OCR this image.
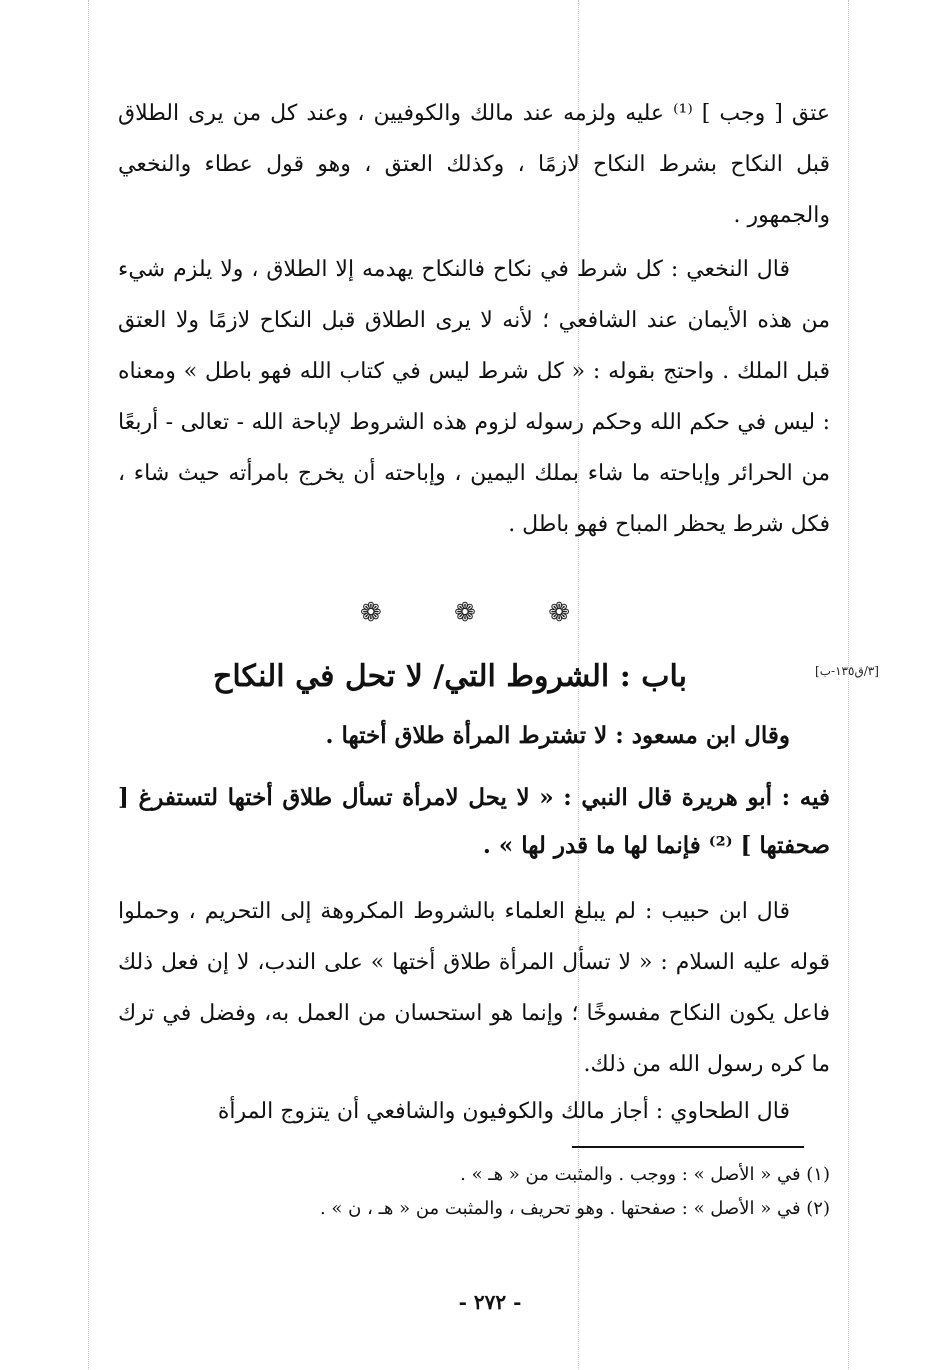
عتق [ وجب ] ⁽¹⁾ عليه ولزمه عند مالك والكوفيين ، وعند كل من يرى الطلاق قبل النكاح بشرط النكاح لازمًا ، وكذلك العتق ، وهو قول عطاء والنخعي والجمهور .

قال النخعي : كل شرط في نكاح فالنكاح يهدمه إلا الطلاق ، ولا يلزم شيء من هذه الأيمان عند الشافعي ؛ لأنه لا يرى الطلاق قبل النكاح لازمًا ولا العتق قبل الملك . واحتج بقوله : « كل شرط ليس في كتاب الله فهو باطل » ومعناه : ليس في حكم الله وحكم رسوله لزوم هذه الشروط لإباحة الله - تعالى - أربعًا من الحرائر وإباحته ما شاء بملك اليمين ، وإباحته أن يخرج بامرأته حيث شاء ، فكل شرط يحظر المباح فهو باطل .

❁	❁	❁
باب : الشروط التي/ لا تحل في النكاح	[٣/ق١٣٥-ب]

وقال ابن مسعود : لا تشترط المرأة طلاق أختها .

فيه : أبو هريرة قال النبي : « لا يحل لامرأة تسأل طلاق أختها لتستفرغ [ صحفتها ] ⁽²⁾ فإنما لها ما قدر لها » .

قال ابن حبيب : لم يبلغ العلماء بالشروط المكروهة إلى التحريم ، وحملوا قوله عليه السلام : « لا تسأل المرأة طلاق أختها » على الندب، لا إن فعل ذلك فاعل يكون النكاح مفسوخًا ؛ وإنما هو استحسان من العمل به، وفضل في ترك ما كره رسول الله من ذلك.

قال الطحاوي : أجاز مالك والكوفيون والشافعي أن يتزوج المرأة

(١) في « الأصل » : ووجب . والمثبت من « هـ » .

(٢) في « الأصل » : صفحتها . وهو تحريف ، والمثبت من « هـ ، ن » .

- ٢٧٢ -
